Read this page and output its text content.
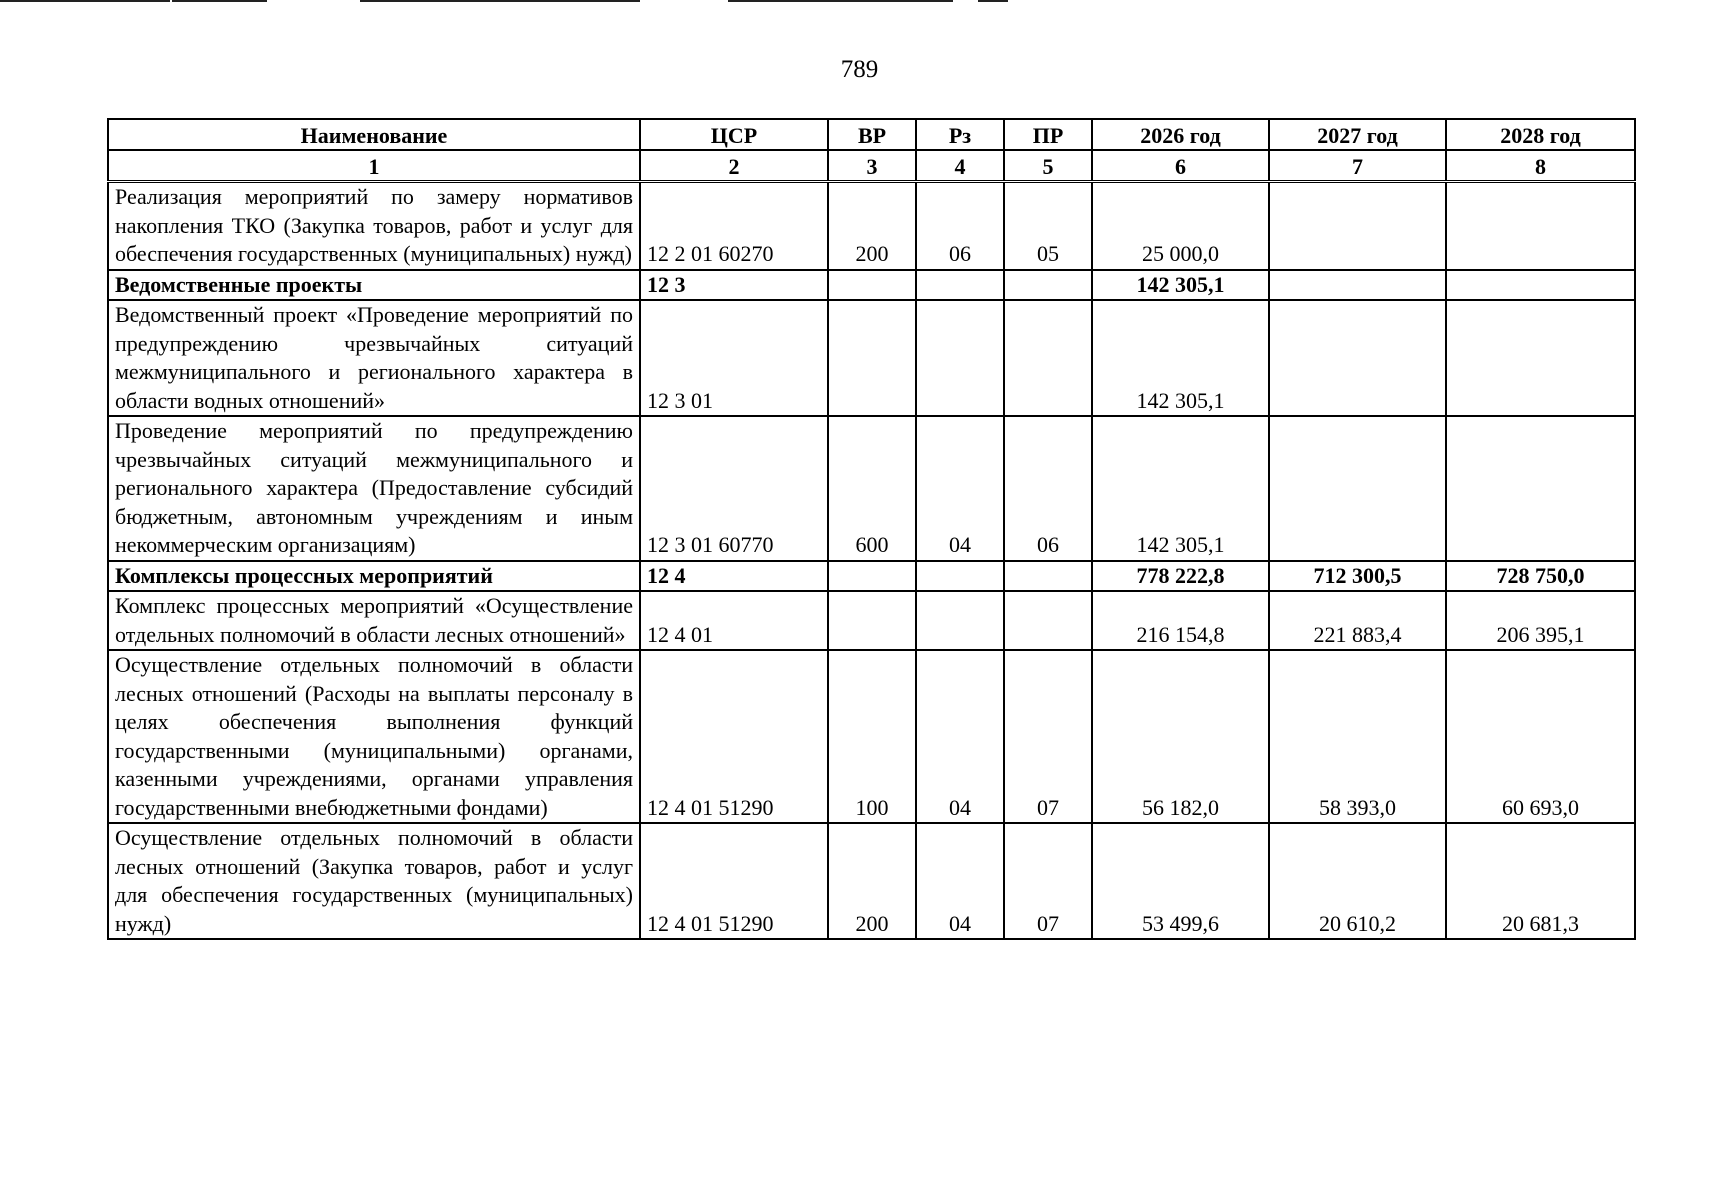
789
Наименование	ЦСР	ВР	Рз	ПР	2026 год	2027 год	2028 год
1	2	3	4	5	6	7	8
Реализация мероприятий по замеру нормативов накопления ТКО (Закупка товаров, работ и услуг для обеспечения государственных (муниципальных) нужд)	12 2 01 60270	200	06	05	25 000,0		
Ведомственные проекты	12 3				142 305,1		
Ведомственный проект «Проведение мероприятий по предупреждению чрезвычайных ситуаций межмуниципального и регионального характера в области водных отношений»	12 3 01				142 305,1		
Проведение мероприятий по предупреждению чрезвычайных ситуаций межмуниципального и регионального характера (Предоставление субсидий бюджетным, автономным учреждениям и иным некоммерческим организациям)	12 3 01 60770	600	04	06	142 305,1		
Комплексы процессных мероприятий	12 4				778 222,8	712 300,5	728 750,0
Комплекс процессных мероприятий «Осуществление отдельных полномочий в области лесных отношений»	12 4 01				216 154,8	221 883,4	206 395,1
Осуществление отдельных полномочий в области лесных отношений (Расходы на выплаты персоналу в целях обеспечения выполнения функций государственными (муниципальными) органами, казенными учреждениями, органами управления государственными внебюджетными фондами)	12 4 01 51290	100	04	07	56 182,0	58 393,0	60 693,0
Осуществление отдельных полномочий в области лесных отношений (Закупка товаров, работ и услуг для обеспечения государственных (муниципальных) нужд)	12 4 01 51290	200	04	07	53 499,6	20 610,2	20 681,3
